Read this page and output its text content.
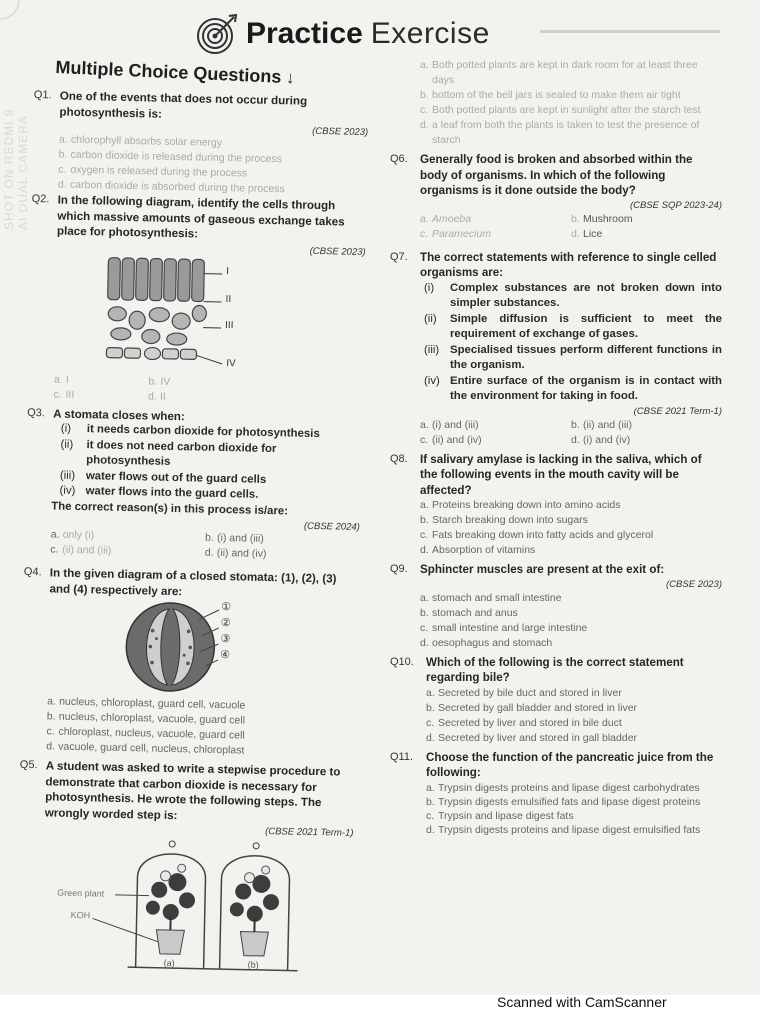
SHOT ON REDMI 9
AI DUAL CAMERA
Practice Exercise
Multiple Choice Questions ↓
Q1. One of the events that does not occur during photosynthesis is:
(CBSE 2023)
a. chlorophyll absorbs solar energy
b. carbon dioxide is released during the process
c. oxygen is released during the process
d. carbon dioxide is absorbed during the process
Q2. In the following diagram, identify the cells through which massive amounts of gaseous exchange takes place for photosynthesis:
(CBSE 2023)
I
II
III
IV
a. I	b. IV
c. III	d. II
Q3. A stomata closes when:
(i)	it needs carbon dioxide for photosynthesis
(ii)	it does not need carbon dioxide for photosynthesis
(iii) water flows out of the guard cells
(iv) water flows into the guard cells.
The correct reason(s) in this process is/are:
(CBSE 2024)
a. only (i)	b. (i) and (iii)
c. (ii) and (iii)	d. (ii) and (iv)
Q4. In the given diagram of a closed stomata: (1), (2), (3) and (4) respectively are:
①
②
③
④
a. nucleus, chloroplast, guard cell, vacuole
b. nucleus, chloroplast, vacuole, guard cell
c. chloroplast, nucleus, vacuole, guard cell
d. vacuole, guard cell, nucleus, chloroplast
Q5. A student was asked to write a stepwise procedure to demonstrate that carbon dioxide is necessary for photosynthesis. He wrote the following steps. The wrongly worded step is:
(CBSE 2021 Term-1)
Green plant
KOH
(a)	(b)
a. Both potted plants are kept in dark room for at least three days
b. bottom of the bell jars is sealed to make them air tight
c. Both potted plants are kept in sunlight after the starch test
d. a leaf from both the plants is taken to test the presence of starch
Q6. Generally food is broken and absorbed within the body of organisms. In which of the following organisms is it done outside the body?
(CBSE SQP 2023-24)
a. Amoeba	b. Mushroom
c. Paramecium	d. Lice
Q7. The correct statements with reference to single celled organisms are:
(i)	Complex substances are not broken down into simpler substances.
(ii)	Simple diffusion is sufficient to meet the requirement of exchange of gases.
(iii) Specialised tissues perform different functions in the organism.
(iv) Entire surface of the organism is in contact with the environment for taking in food.
(CBSE 2021 Term-1)
a. (i) and (iii)	b. (ii) and (iii)
c. (ii) and (iv)	d. (i) and (iv)
Q8. If salivary amylase is lacking in the saliva, which of the following events in the mouth cavity will be affected?
a. Proteins breaking down into amino acids
b. Starch breaking down into sugars
c. Fats breaking down into fatty acids and glycerol
d. Absorption of vitamins
Q9. Sphincter muscles are present at the exit of:
(CBSE 2023)
a. stomach and small intestine
b. stomach and anus
c. small intestine and large intestine
d. oesophagus and stomach
Q10. Which of the following is the correct statement regarding bile?
a. Secreted by bile duct and stored in liver
b. Secreted by gall bladder and stored in liver
c. Secreted by liver and stored in bile duct
d. Secreted by liver and stored in gall bladder
Q11. Choose the function of the pancreatic juice from the following:
a. Trypsin digests proteins and lipase digest carbohydrates
b. Trypsin digests emulsified fats and lipase digest proteins
c. Trypsin and lipase digest fats
d. Trypsin digests proteins and lipase digest emulsified fats
Scanned with CamScanner
